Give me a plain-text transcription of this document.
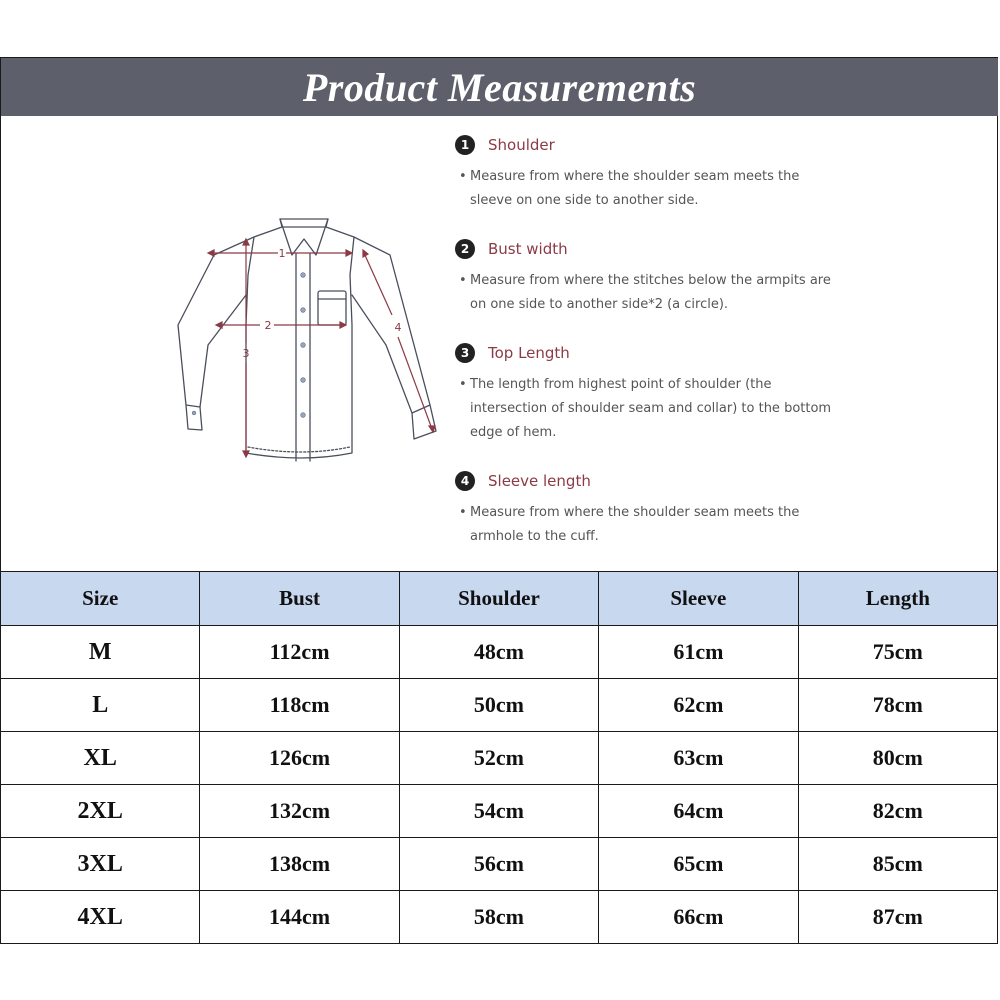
Product Measurements
1
2
3
4
1	Shoulder
• Measure from where the shoulder seam meets the
sleeve on one side to another side.
2	Bust width
• Measure from where the stitches below the armpits are
on one side to another side*2 (a circle).
3	Top Length
• The length from highest point of shoulder (the
intersection of shoulder seam and collar) to the bottom
edge of hem.
4	Sleeve length
• Measure from where the shoulder seam meets the
armhole to the cuff.
Size	Bust	Shoulder	Sleeve	Length
M	112cm	48cm	61cm	75cm
L	118cm	50cm	62cm	78cm
XL	126cm	52cm	63cm	80cm
2XL	132cm	54cm	64cm	82cm
3XL	138cm	56cm	65cm	85cm
4XL	144cm	58cm	66cm	87cm
